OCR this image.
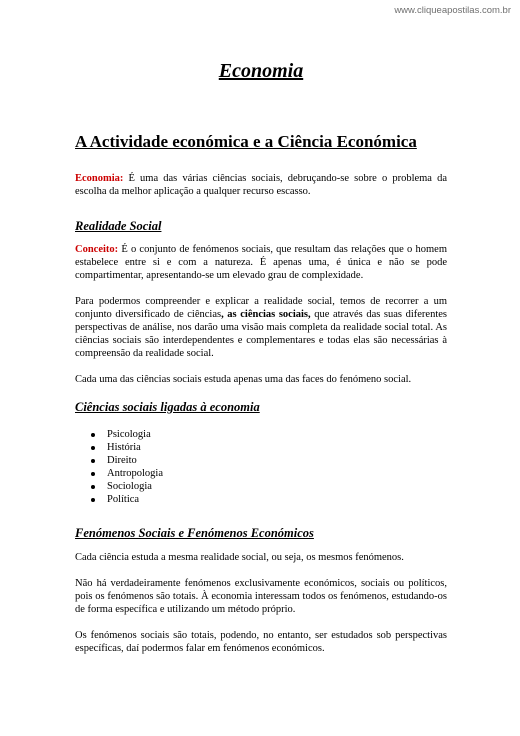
www.cliqueapostilas.com.br
Economia
A Actividade económica e a Ciência Económica

Economia: É uma das várias ciências sociais, debruçando-se sobre o problema da escolha da melhor aplicação a qualquer recurso escasso.

Realidade Social

Conceito: É o conjunto de fenómenos sociais, que resultam das relações que o homem estabelece entre si e com a natureza. É apenas uma, é única e não se pode compartimentar, apresentando-se um elevado grau de complexidade.

Para podermos compreender e explicar a realidade social, temos de recorrer a um conjunto diversificado de ciências, as ciências sociais, que através das suas diferentes perspectivas de análise, nos darão uma visão mais completa da realidade social total. As ciências sociais são interdependentes e complementares e todas elas são necessárias à compreensão da realidade social.

Cada uma das ciências sociais estuda apenas uma das faces do fenómeno social.

Ciências sociais ligadas à economia
Psicologia
História
Direito
Antropologia
Sociologia
Política
Fenómenos Sociais e Fenómenos Económicos

Cada ciência estuda a mesma realidade social, ou seja, os mesmos fenómenos.

Não há verdadeiramente fenómenos exclusivamente económicos, sociais ou políticos, pois os fenómenos são totais. À economia interessam todos os fenómenos, estudando-os de forma específica e utilizando um método próprio.

Os fenómenos sociais são totais, podendo, no entanto, ser estudados sob perspectivas específicas, daí podermos falar em fenómenos económicos.
